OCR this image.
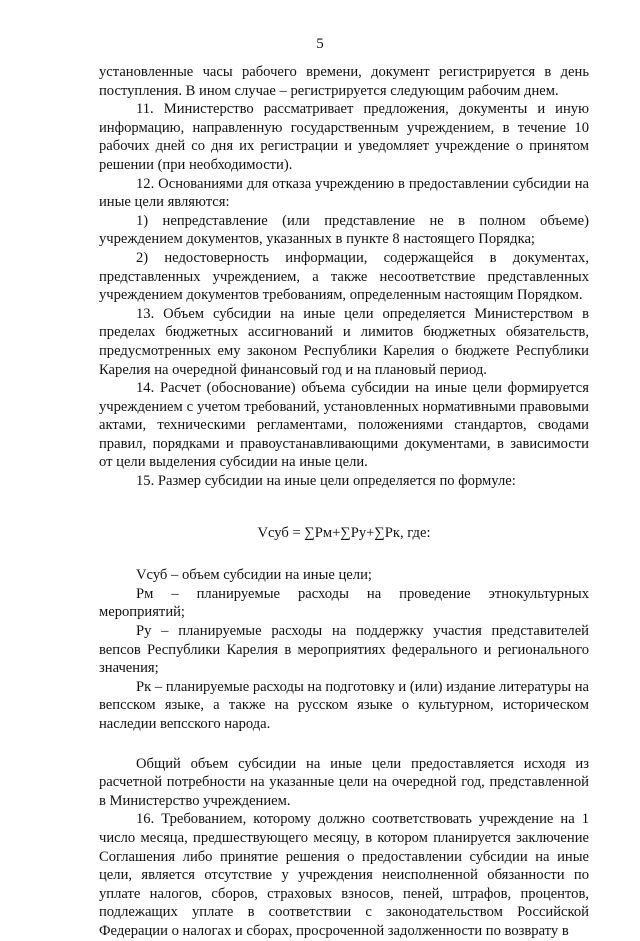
5

установленные часы рабочего времени, документ регистрируется в день поступления. В ином случае – регистрируется следующим рабочим днем.

11. Министерство рассматривает предложения, документы и иную информацию, направленную государственным учреждением, в течение 10 рабочих дней со дня их регистрации и уведомляет учреждение о принятом решении (при необходимости).

12. Основаниями для отказа учреждению в предоставлении субсидии на иные цели являются:

1) непредставление (или представление не в полном объеме) учреждением документов, указанных в пункте 8 настоящего Порядка;

2) недостоверность информации, содержащейся в документах, представленных учреждением, а также несоответствие представленных учреждением документов требованиям, определенным настоящим Порядком.

13. Объем субсидии на иные цели определяется Министерством в пределах бюджетных ассигнований и лимитов бюджетных обязательств, предусмотренных ему законом Республики Карелия о бюджете Республики Карелия на очередной финансовый год и на плановый период.

14. Расчет (обоснование) объема субсидии на иные цели формируется учреждением с учетом требований, установленных нормативными правовыми актами, техническими регламентами, положениями стандартов, сводами правил, порядками и правоустанавливающими документами, в зависимости от цели выделения субсидии на иные цели.

15. Размер субсидии на иные цели определяется по формуле:

Vсуб = ∑Рм+∑Ру+∑Рк, где:

Vсуб – объем субсидии на иные цели;

Рм – планируемые расходы на проведение этнокультурных мероприятий;

Ру – планируемые расходы на поддержку участия представителей вепсов Республики Карелия в мероприятиях федерального и регионального значения;

Рк – планируемые расходы на подготовку и (или) издание литературы на вепсском языке, а также на русском языке о культурном, историческом наследии вепсского народа.

Общий объем субсидии на иные цели предоставляется исходя из расчетной потребности на указанные цели на очередной год, представленной в Министерство учреждением.

16. Требованием, которому должно соответствовать учреждение на 1 число месяца, предшествующего месяцу, в котором планируется заключение Соглашения либо принятие решения о предоставлении субсидии на иные цели, является отсутствие у учреждения неисполненной обязанности по уплате налогов, сборов, страховых взносов, пеней, штрафов, процентов, подлежащих уплате в соответствии с законодательством Российской Федерации о налогах и сборах, просроченной задолженности по возврату в
